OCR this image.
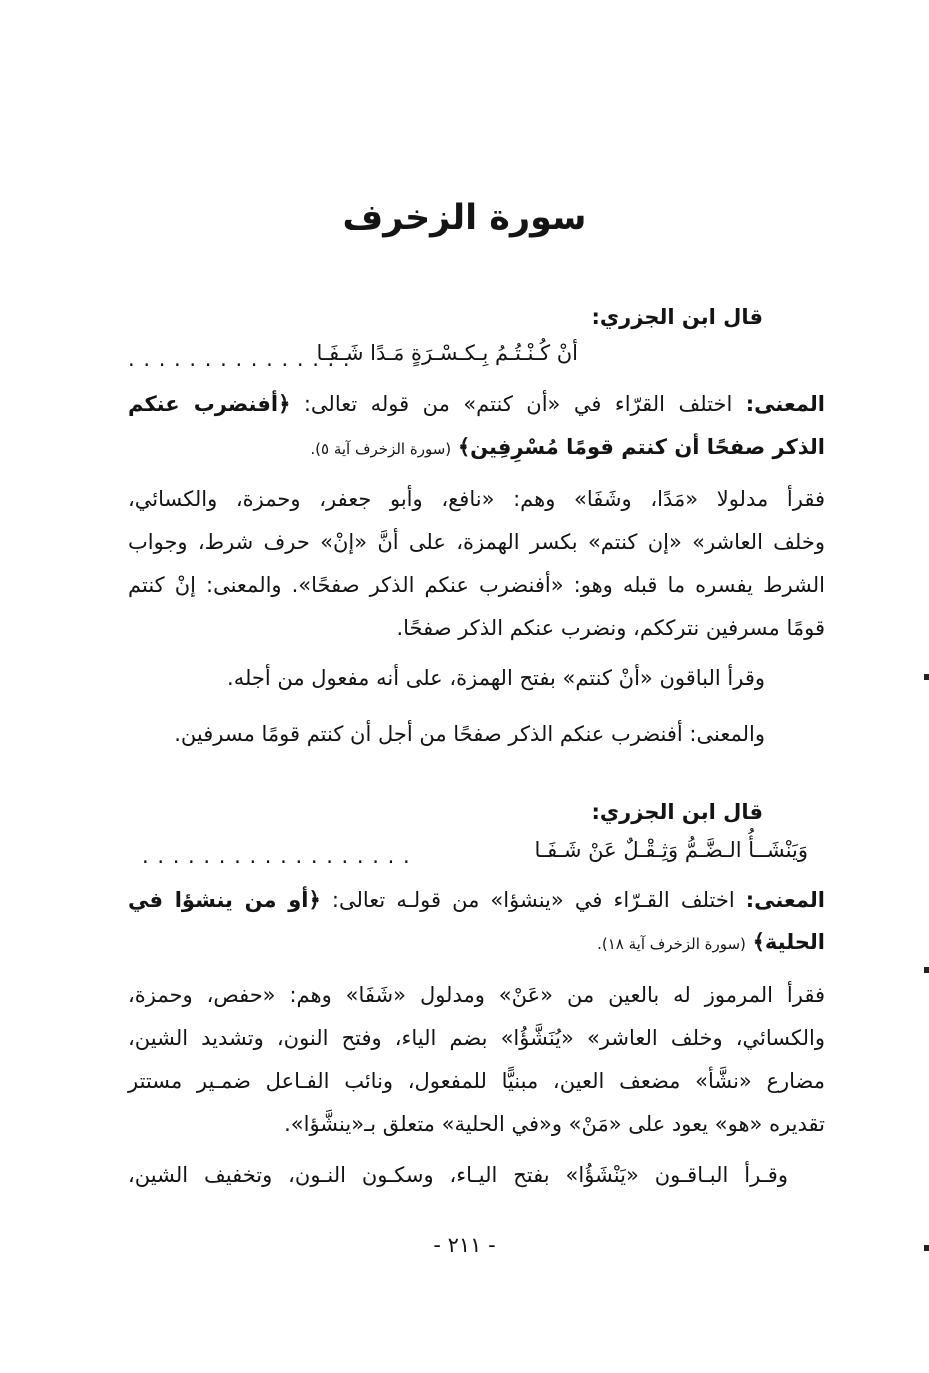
سورة الزخرف
قال ابن الجزري:
أنْ كُـنْـتُـمُ بِـكـسْـرَةٍ مَـدًا شَـفَـا
. . . . . . . . . . . . . . .
المعنى: اختلف القرّاء في «أن كنتم» من قوله تعالى: ﴿أفنضرب عنكم
الذكر صفحًا أن كنتم قومًا مُسْرِفِين﴾ (سورة الزخرف آية ٥).
فقرأ مدلولا «مَدًا، وشَفَا» وهم: «نافع، وأبو جعفر، وحمزة، والكسائي،
وخلف العاشر» «إن كنتم» بكسر الهمزة، على أنَّ «إنْ» حرف شرط، وجواب
الشرط يفسره ما قبله وهو: «أفنضرب عنكم الذكر صفحًا». والمعنى: إنْ كنتم
قومًا مسرفين نترككم، ونضرب عنكم الذكر صفحًا.
وقرأ الباقون «أنْ كنتم» بفتح الهمزة، على أنه مفعول من أجله.
والمعنى: أفنضرب عنكم الذكر صفحًا من أجل أن كنتم قومًا مسرفين.
قال ابن الجزري:
وَيَنْشَــأُ الـضَّـمُّ وَثِـقْـلٌ عَنْ شَـفَـا
. . . . . . . . . . . . . . . . . .
المعنى: اختلف القـرّاء في «ينشؤا» من قولـه تعالى: ﴿أو من ينشؤا في
الحلية﴾ (سورة الزخرف آية ١٨).
فقرأ المرموز له بالعين من «عَنْ» ومدلول «شَفَا» وهم: «حفص، وحمزة،
والكسائي، وخلف العاشر» «يُنَشَّؤُا» بضم الياء، وفتح النون، وتشديد الشين،
مضارع «نشَّأ» مضعف العين، مبنيًّا للمفعول، ونائب الفـاعل ضمـير مستتر
تقديره «هو» يعود على «مَنْ» و«في الحلية» متعلق بـ«ينشَّؤا».
وقـرأ البـاقـون «يَنْشَؤُا» بفتح اليـاء، وسكـون النـون، وتخفيف الشين،
- ٢١١ -
